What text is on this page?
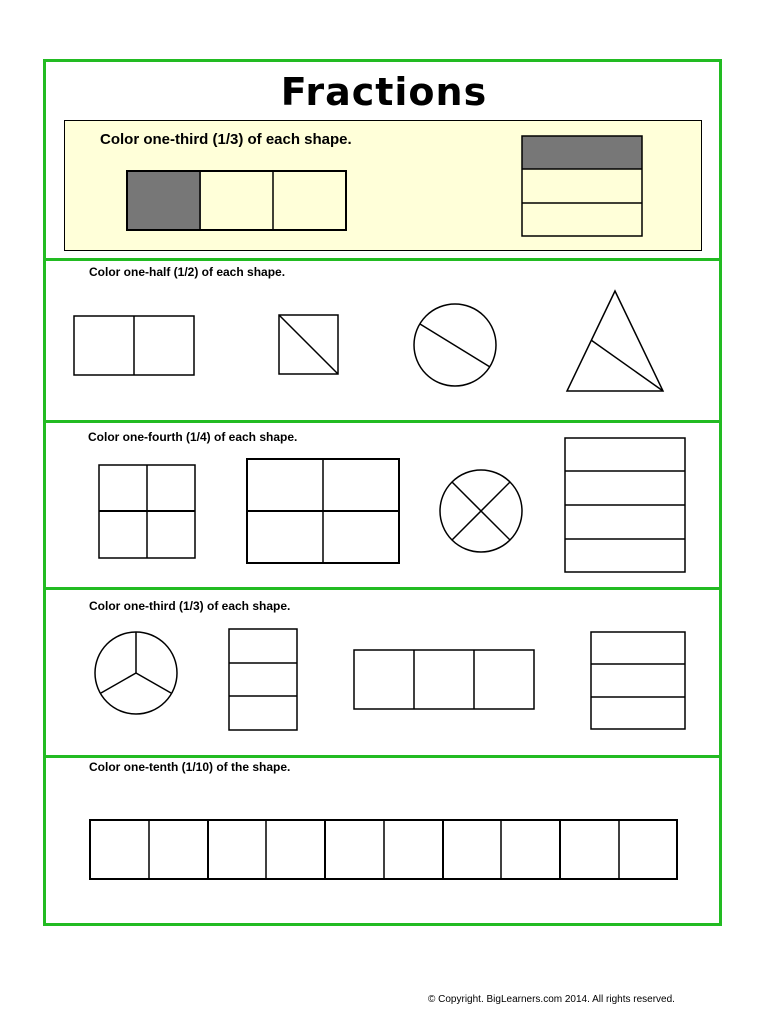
Fractions
Color one-third (1/3) of each shape.
Color one-half (1/2) of each shape.
Color one-fourth (1/4) of each shape.
Color one-third (1/3) of each shape.
Color one-tenth (1/10) of the shape.
© Copyright. BigLearners.com 2014. All rights reserved.
